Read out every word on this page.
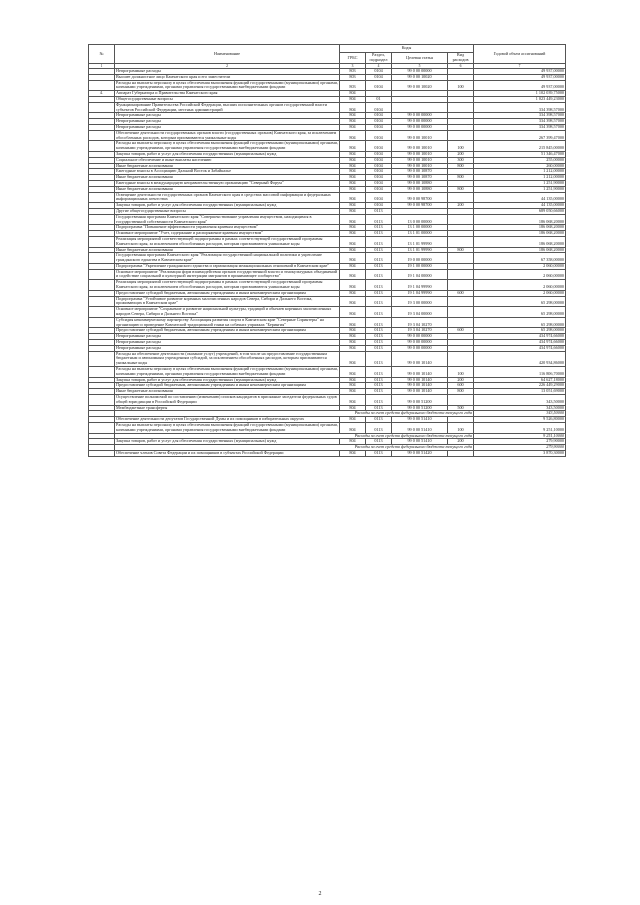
№	Наименование	Коды				Годовой объем ассигнований
		ГРБС	Раздел, подраздел	Целевая статья	Вид расходов	
1	2	3	4	5	6	7
	Непрограммные расходы	803	0104	99 0 00 00000		49 937,00000
	Высшее должностное лицо Камчатского края и его заместители	803	0104	99 0 00 10020		49 937,00000
	Расходы на выплаты персоналу в целях обеспечения выполнения функций государственными (муниципальными) органами, казенными учреждениями, органами управления государственными внебюджетными фондами	803	0104	99 0 00 10020	100	49 937,00000
4.	Аппарат Губернатора и Правительства Камчатского края	804				1 102 039,75000
	Общегосударственные вопросы	804	01			1 023 449,23000
	Функционирование Правительства Российской Федерации, высших исполнительных органов государственной власти субъектов Российской Федерации, местных администраций	804	0104			334 398,57000
	Непрограммные расходы	804	0104	99 0 00 00000		334 398,57000
	Непрограммные расходы	804	0104	99 0 00 00000		334 398,57000
	Непрограммные расходы	804	0104	99 0 00 00000		334 398,57000
	Обеспечение деятельности государственных органов власти (государственных органов) Камчатского края, за исключением обособленных расходов, которым присваиваются уникальные коды	804	0104	99 0 00 10010		267 399,47000
	Расходы на выплаты персоналу в целях обеспечения выполнения функций государственными (муниципальными) органами, казенными учреждениями, органами управления государственными внебюджетными фондами	804	0104	99 0 00 10010	100	215 845,00000
	Закупка товаров, работ и услуг для обеспечения государственных (муниципальных) нужд	804	0104	99 0 00 10010	200	51 346,47000
	Социальное обеспечение и иные выплаты населению	804	0104	99 0 00 10010	300	255,00000
	Иные бюджетные ассигнования	804	0104	99 0 00 10010	800	260,00000
	Ежегодные взносы в Ассоциацию Дальний Восток и Забайкалье	804	0104	99 0 00 10870		1 212,00000
	Иные бюджетные ассигнования	804	0104	99 0 00 10870	800	1 212,00000
	Ежегодные взносы в международную неправительственную организацию "Северный Форум"	804	0104	99 0 00 10880		1 251,90000
	Иные бюджетные ассигнования	804	0104	99 0 00 10880	800	1 251,90000
	Освещение деятельности государственных органов Камчатского края в средствах массовой информации и федеральных информационных агентствах	804	0104	99 0 00 98700		44 135,00000
	Закупка товаров, работ и услуг для обеспечения государственных (муниципальных) нужд	804	0104	99 0 00 98700	200	44 135,00000
	Другие общегосударственные вопросы	804	0113			689 050,66000
	Государственная программа Камчатского края "Совершенствование управления имуществом, находящимся в государственной собственности Камчатского края"	804	0113	13 0 00 00000		186 068,20000
	Подпрограмма "Повышение эффективности управления краевым имуществом"	804	0113	13 1 00 00000		186 068,20000
	Основное мероприятие "Учет, содержание и распоряжение краевым имуществом"	804	0113	13 1 01 00000		186 068,20000
	Реализация мероприятий соответствующей подпрограммы в рамках соответствующей государственной программы Камчатского края, за исключением обособленных расходов, которым присваиваются уникальные коды	804	0113	13 1 01 99990		186 068,20000
	Иные бюджетные ассигнования	804	0113	13 1 01 99990	800	186 068,20000
	Государственная программа Камчатского края "Реализация государственной национальной политики и укрепление гражданского единства в Камчатском крае"	804	0113	19 0 00 00000		67 358,00000
	Подпрограмма "Укрепление гражданского единства и гармонизация межнациональных отношений в Камчатском крае"	804	0113	19 1 00 00000		2 060,00000
	Основное мероприятие "Реализация форм взаимодействия органов государственной власти и этнокультурных объединений и содействие социальной и культурной интеграции мигрантов в принимающее сообщество"	804	0113	19 1 04 00000		2 060,00000
	Реализация мероприятий соответствующей подпрограммы в рамках соответствующей государственной программы Камчатского края, за исключением обособленных расходов, которым присваиваются уникальные коды	804	0113	19 1 04 99990		2 060,00000
	Предоставление субсидий бюджетным, автономным учреждениям и иным некоммерческим организациям	804	0113	19 1 04 99990	600	2 060,00000
	Подпрограмма "Устойчивое развитие коренных малочисленных народов Севера, Сибири и Дальнего Востока, проживающих в Камчатском крае"	804	0113	19 3 00 00000		65 298,00000
	Основное мероприятие "Сохранение и развитие национальной культуры, традиций и обычаев коренных малочисленных народов Севера, Сибири и Дальнего Востока"	804	0113	19 3 04 00000		65 298,00000
	Субсидия некоммерческому партнерству Ассоциация развития спорта в Камчатском крае "Северные Спринтеры" на организацию и проведение Камчатской традиционной гонки на собачьих упряжках "Берингия"	804	0113	19 3 04 10270		65 298,00000
	Предоставление субсидий бюджетным, автономным учреждениям и иным некоммерческим организациям	804	0113	19 3 04 10270	600	65 298,00000
	Непрограммные расходы	804	0113	99 0 00 00000		434 974,66000
	Непрограммные расходы	804	0113	99 0 00 00000		434 974,66000
	Непрограммные расходы	804	0113	99 0 00 00000		434 974,66000
	Расходы на обеспечение деятельности (оказание услуг) учреждений, в том числе на предоставление государственным бюджетным и автономным учреждениям субсидий, за исключением обособленных расходов, которым присваиваются уникальные коды	804	0113	99 0 00 10140		420 934,86000
	Расходы на выплаты персоналу в целях обеспечения выполнения функций государственными (муниципальными) органами, казенными учреждениями, органами управления государственными внебюджетными фондами	804	0113	99 0 00 10140	100	116 806,70000
	Закупка товаров, работ и услуг для обеспечения государственных (муниципальных) нужд	804	0113	99 0 00 10140	200	64 627,18000
	Предоставление субсидий бюджетным, автономным учреждениям и иным некоммерческим организациям	804	0113	99 0 00 10140	600	226 449,29000
	Иные бюджетные ассигнования	804	0113	99 0 00 10140	800	13 051,69000
	Осуществление полномочий по составлению (изменению) списков кандидатов в присяжные заседатели федеральных судов общей юрисдикции в Российской Федерации	804	0113	99 0 00 51200		343,50000
	Межбюджетные трансферты	804	0113	99 0 00 51200	500	343,50000
	Расходы за счет средств федерального бюджета текущего года					343,50000
	Обеспечение деятельности депутатов Государственной Думы и их помощников в избирательных округах	804	0113	99 0 00 51410		9 526,80000
	Расходы на выплаты персоналу в целях обеспечения выполнения функций государственными (муниципальными) органами, казенными учреждениями, органами управления государственными внебюджетными фондами	804	0113	99 0 00 51410	100	9 251,10000
	Расходы за счет средств федерального бюджета текущего года					9 251,10000
	Закупка товаров, работ и услуг для обеспечения государственных (муниципальных) нужд	804	0113	99 0 00 51410	200	279,90000
	Расходы за счет средств федерального бюджета текущего года					279,90000
	Обеспечение членов Совета Федерации и их помощников в субъектах Российской Федерации	804	0113	99 0 00 51420		3 870,30000
2
